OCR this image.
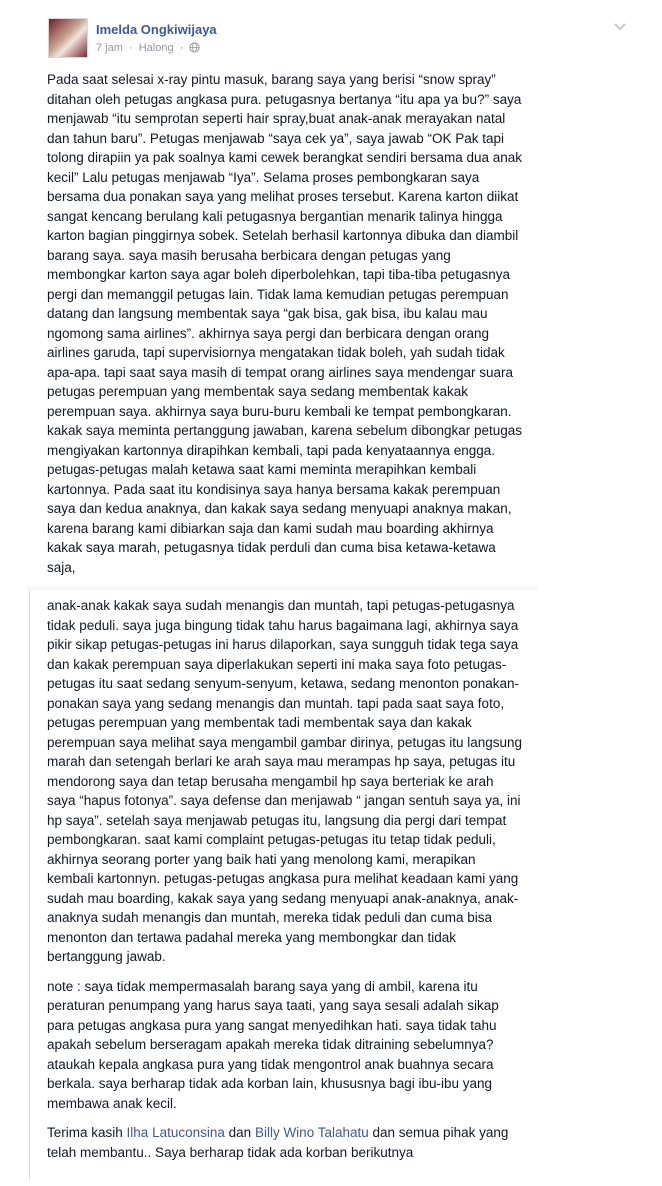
Imelda Ongkiwijaya
7 jam · Halong ·

Pada saat selesai x-ray pintu masuk, barang saya yang berisi “snow spray” ditahan oleh petugas angkasa pura. petugasnya bertanya “itu apa ya bu?” saya menjawab “itu semprotan seperti hair spray,buat anak-anak merayakan natal dan tahun baru”. Petugas menjawab “saya cek ya”, saya jawab “OK Pak tapi tolong dirapiin ya pak soalnya kami cewek berangkat sendiri bersama dua anak kecil” Lalu petugas menjawab “Iya”. Selama proses pembongkaran saya bersama dua ponakan saya yang melihat proses tersebut. Karena karton diikat sangat kencang berulang kali petugasnya bergantian menarik talinya hingga karton bagian pinggirnya sobek. Setelah berhasil kartonnya dibuka dan diambil barang saya. saya masih berusaha berbicara dengan petugas yang membongkar karton saya agar boleh diperbolehkan, tapi tiba-tiba petugasnya pergi dan memanggil petugas lain. Tidak lama kemudian petugas perempuan datang dan langsung membentak saya “gak bisa, gak bisa, ibu kalau mau ngomong sama airlines”. akhirnya saya pergi dan berbicara dengan orang airlines garuda, tapi supervisiornya mengatakan tidak boleh, yah sudah tidak apa-apa. tapi saat saya masih di tempat orang airlines saya mendengar suara petugas perempuan yang membentak saya sedang membentak kakak perempuan saya. akhirnya saya buru-buru kembali ke tempat pembongkaran. kakak saya meminta pertanggung jawaban, karena sebelum dibongkar petugas mengiyakan kartonnya dirapihkan kembali, tapi pada kenyataannya engga. petugas-petugas malah ketawa saat kami meminta merapihkan kembali kartonnya. Pada saat itu kondisinya saya hanya bersama kakak perempuan saya dan kedua anaknya, dan kakak saya sedang menyuapi anaknya makan, karena barang kami dibiarkan saja dan kami sudah mau boarding akhirnya kakak saya marah, petugasnya tidak perduli dan cuma bisa ketawa-ketawa saja,

anak-anak kakak saya sudah menangis dan muntah, tapi petugas-petugasnya tidak peduli. saya juga bingung tidak tahu harus bagaimana lagi, akhirnya saya pikir sikap petugas-petugas ini harus dilaporkan, saya sungguh tidak tega saya dan kakak perempuan saya diperlakukan seperti ini maka saya foto petugas-petugas itu saat sedang senyum-senyum, ketawa, sedang menonton ponakan-ponakan saya yang sedang menangis dan muntah. tapi pada saat saya foto, petugas perempuan yang membentak tadi membentak saya dan kakak perempuan saya melihat saya mengambil gambar dirinya, petugas itu langsung marah dan setengah berlari ke arah saya mau merampas hp saya, petugas itu mendorong saya dan tetap berusaha mengambil hp saya berteriak ke arah saya “hapus fotonya”. saya defense dan menjawab “ jangan sentuh saya ya, ini hp saya”. setelah saya menjawab petugas itu, langsung dia pergi dari tempat pembongkaran. saat kami complaint petugas-petugas itu tetap tidak peduli, akhirnya seorang porter yang baik hati yang menolong kami, merapikan kembali kartonnyn. petugas-petugas angkasa pura melihat keadaan kami yang sudah mau boarding, kakak saya yang sedang menyuapi anak-anaknya, anak-anaknya sudah menangis dan muntah, mereka tidak peduli dan cuma bisa menonton dan tertawa padahal mereka yang membongkar dan tidak bertanggung jawab.

note : saya tidak mempermasalah barang saya yang di ambil, karena itu peraturan penumpang yang harus saya taati, yang saya sesali adalah sikap para petugas angkasa pura yang sangat menyedihkan hati. saya tidak tahu apakah sebelum berseragam apakah mereka tidak ditraining sebelumnya? ataukah kepala angkasa pura yang tidak mengontrol anak buahnya secara berkala. saya berharap tidak ada korban lain, khususnya bagi ibu-ibu yang membawa anak kecil.

Terima kasih Ilha Latuconsina dan Billy Wino Talahatu dan semua pihak yang telah membantu.. Saya berharap tidak ada korban berikutnya
